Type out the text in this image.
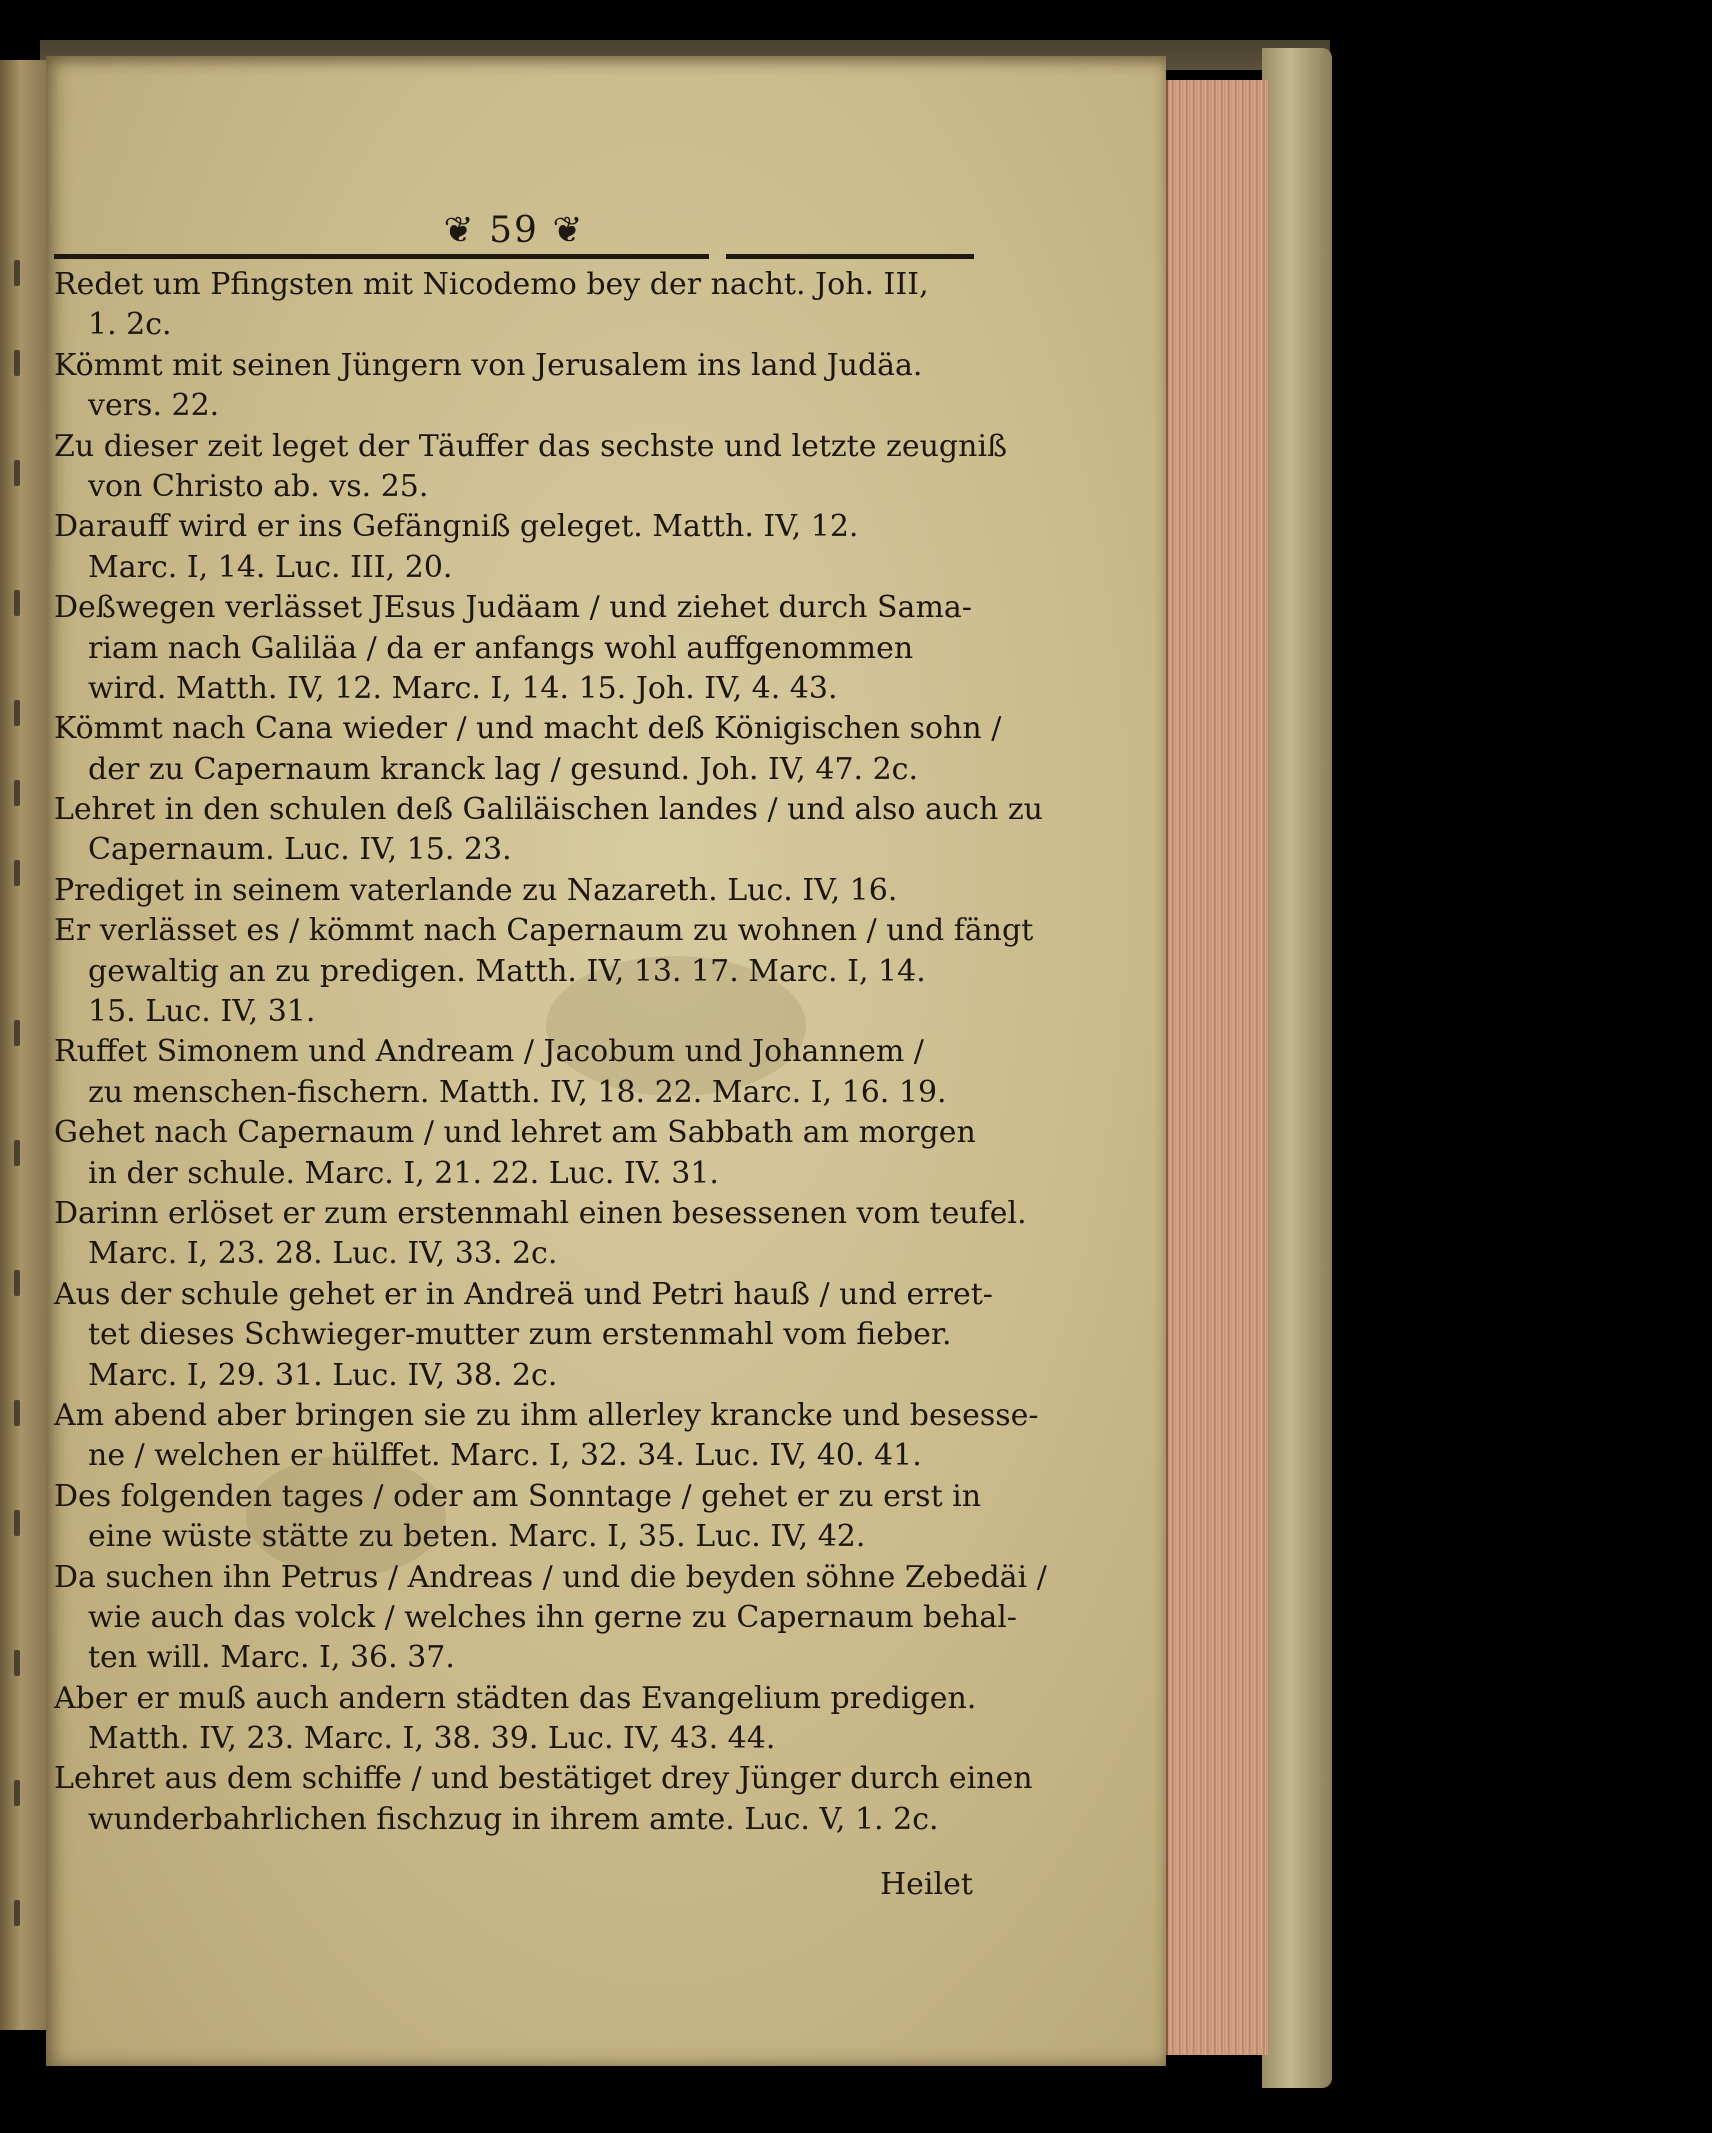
❦ 59 ❦
Redet um Pfingsten mit Nicodemo bey der nacht. Joh. III,
1. 2c.
Kömmt mit seinen Jüngern von Jerusalem ins land Judäa.
vers. 22.
Zu dieser zeit leget der Täuffer das sechste und letzte zeugniß
von Christo ab. vs. 25.
Darauff wird er ins Gefängniß geleget. Matth. IV, 12.
Marc. I, 14. Luc. III, 20.
Deßwegen verlässet JEsus Judäam / und ziehet durch Sama-
riam nach Galiläa / da er anfangs wohl auffgenommen
wird. Matth. IV, 12. Marc. I, 14. 15. Joh. IV, 4. 43.
Kömmt nach Cana wieder / und macht deß Königischen sohn /
der zu Capernaum kranck lag / gesund. Joh. IV, 47. 2c.
Lehret in den schulen deß Galiläischen landes / und also auch zu
Capernaum. Luc. IV, 15. 23.
Prediget in seinem vaterlande zu Nazareth. Luc. IV, 16.
Er verlässet es / kömmt nach Capernaum zu wohnen / und fängt
gewaltig an zu predigen. Matth. IV, 13. 17. Marc. I, 14.
15. Luc. IV, 31.
Ruffet Simonem und Andream / Jacobum und Johannem /
zu menschen-fischern. Matth. IV, 18. 22. Marc. I, 16. 19.
Gehet nach Capernaum / und lehret am Sabbath am morgen
in der schule. Marc. I, 21. 22. Luc. IV. 31.
Darinn erlöset er zum erstenmahl einen besessenen vom teufel.
Marc. I, 23. 28. Luc. IV, 33. 2c.
Aus der schule gehet er in Andreä und Petri hauß / und erret-
tet dieses Schwieger-mutter zum erstenmahl vom fieber.
Marc. I, 29. 31. Luc. IV, 38. 2c.
Am abend aber bringen sie zu ihm allerley krancke und besesse-
ne / welchen er hülffet. Marc. I, 32. 34. Luc. IV, 40. 41.
Des folgenden tages / oder am Sonntage / gehet er zu erst in
eine wüste stätte zu beten. Marc. I, 35. Luc. IV, 42.
Da suchen ihn Petrus / Andreas / und die beyden söhne Zebedäi /
wie auch das volck / welches ihn gerne zu Capernaum behal-
ten will. Marc. I, 36. 37.
Aber er muß auch andern städten das Evangelium predigen.
Matth. IV, 23. Marc. I, 38. 39. Luc. IV, 43. 44.
Lehret aus dem schiffe / und bestätiget drey Jünger durch einen
wunderbahrlichen fischzug in ihrem amte. Luc. V, 1. 2c.
Heilet
